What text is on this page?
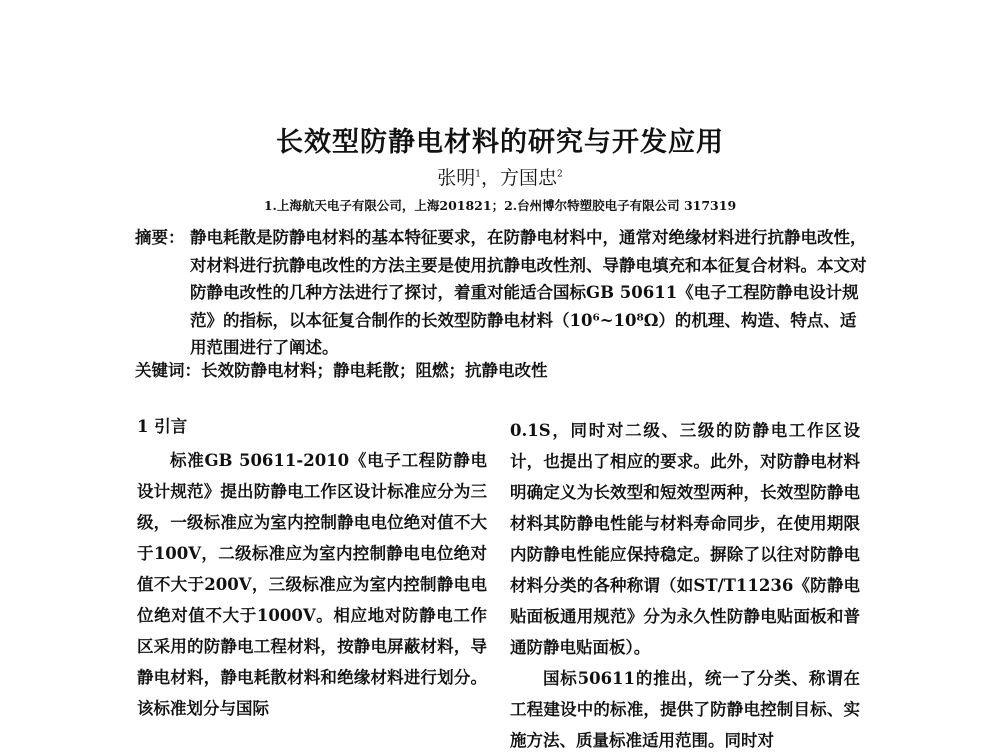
长效型防静电材料的研究与开发应用
张明$^1$，方国忠$^2$
1.上海航天电子有限公司，上海201821；2.台州博尔特塑胶电子有限公司 317319
摘要： 静电耗散是防静电材料的基本特征要求，在防静电材料中，通常对绝缘材料进行抗静电改性，对材料进行抗静电改性的方法主要是使用抗静电改性剂、导静电填充和本征复合材料。本文对防静电改性的几种方法进行了探讨，着重对能适合国标GB 50611《电子工程防静电设计规范》的指标，以本征复合制作的长效型防静电材料（10⁶~10⁸Ω）的机理、构造、特点、适用范围进行了阐述。
关键词：长效防静电材料；静电耗散；阻燃；抗静电改性
1 引言

标准GB 50611-2010《电子工程防静电设计规范》提出防静电工作区设计标准应分为三级，一级标准应为室内控制静电电位绝对值不大于100V，二级标准应为室内控制静电电位绝对值不大于200V，三级标准应为室内控制静电电位绝对值不大于1000V。相应地对防静电工作区采用的防静电工程材料，按静电屏蔽材料，导静电材料，静电耗散材料和绝缘材料进行划分。该标准划分与国际

0.1S，同时对二级、三级的防静电工作区设计，也提出了相应的要求。此外，对防静电材料明确定义为长效型和短效型两种，长效型防静电材料其防静电性能与材料寿命同步，在使用期限内防静电性能应保持稳定。摒除了以往对防静电材料分类的各种称谓（如ST/T11236《防静电贴面板通用规范》分为永久性防静电贴面板和普通防静电贴面板）。

国标50611的推出，统一了分类、称谓在工程建设中的标准，提供了防静电控制目标、实施方法、质量标准适用范围。同时对
